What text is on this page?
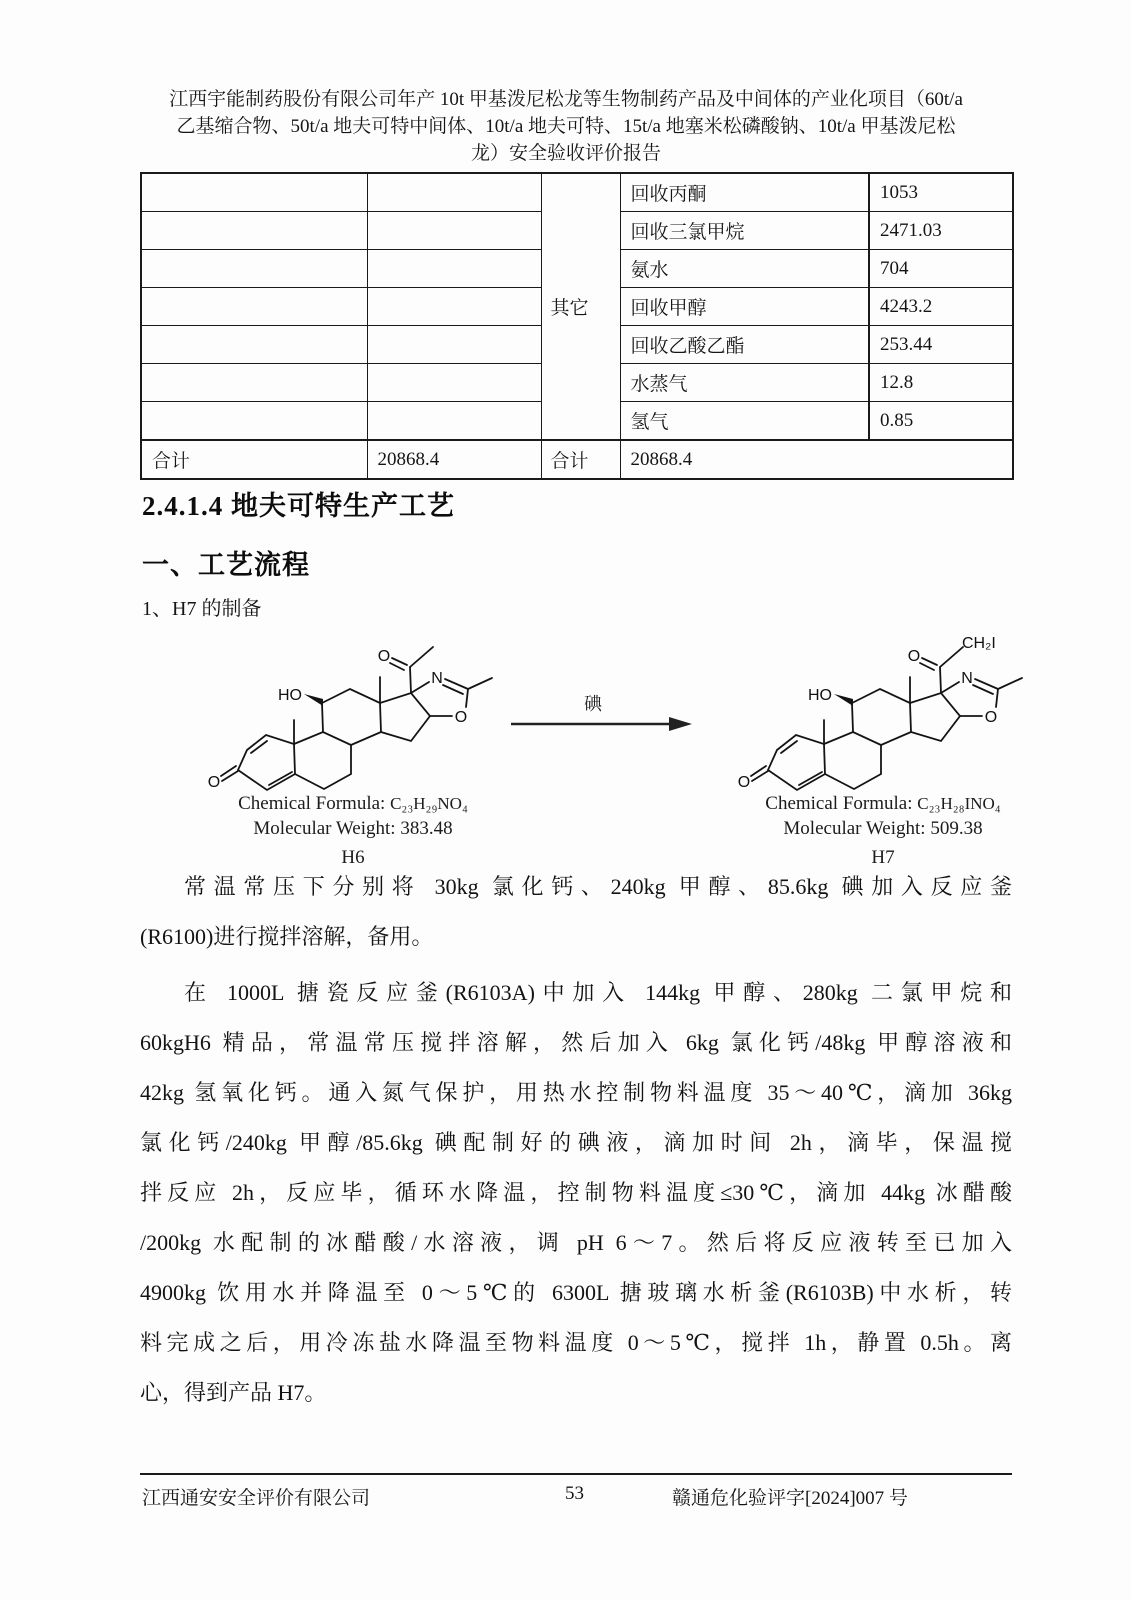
江西宇能制药股份有限公司年产 10t 甲基泼尼松龙等生物制药产品及中间体的产业化项目（60t/a
乙基缩合物、50t/a 地夫可特中间体、10t/a 地夫可特、15t/a 地塞米松磷酸钠、10t/a 甲基泼尼松
龙）安全验收评价报告
		其它	回收丙酮	1053
			回收三氯甲烷	2471.03
			氨水	704
			回收甲醇	4243.2
			回收乙酸乙酯	253.44
			水蒸气	12.8
			氢气	0.85
合计	20868.4	合计	20868.4	
2.4.1.4 地夫可特生产工艺
一、工艺流程
1、H7 的制备
HO
O
O
N
O
Chemical Formula: C₂₃H₂₉NO₄
Molecular Weight: 383.48
H6
碘	HO
O
O
N
O
CH₂I
Chemical Formula: C₂₃H₂₈INO₄
Molecular Weight: 509.38
H7
常温常压下分别将 30kg 氯化钙、240kg 甲醇、85.6kg 碘加入反应釜
(R6100)进行搅拌溶解，备用。
在 1000L 搪瓷反应釜(R6103A)中加入 144kg 甲醇、280kg 二氯甲烷和
60kgH6 精品，常温常压搅拌溶解，然后加入 6kg 氯化钙/48kg 甲醇溶液和
42kg 氢氧化钙。通入氮气保护，用热水控制物料温度 35～40℃，滴加 36kg
氯化钙/240kg 甲醇/85.6kg 碘配制好的碘液，滴加时间 2h，滴毕，保温搅
拌反应 2h，反应毕，循环水降温，控制物料温度≤30℃，滴加 44kg 冰醋酸
/200kg 水配制的冰醋酸/水溶液，调 pH 6～7。然后将反应液转至已加入
4900kg 饮用水并降温至 0～5℃的 6300L 搪玻璃水析釜(R6103B)中水析，转
料完成之后，用冷冻盐水降温至物料温度 0～5℃，搅拌 1h，静置 0.5h。离
心，得到产品 H7。
江西通安安全评价有限公司	53	赣通危化验评字[2024]007 号
